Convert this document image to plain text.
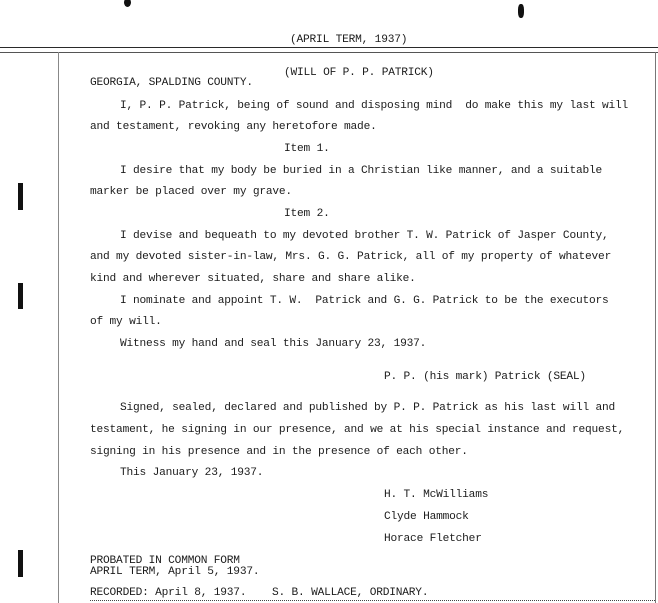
(APRIL TERM, 1937)
(WILL OF P. P. PATRICK)
GEORGIA, SPALDING COUNTY.
I, P. P. Patrick, being of sound and disposing mind  do make this my last will
and testament, revoking any heretofore made.
Item 1.
I desire that my body be buried in a Christian like manner, and a suitable
marker be placed over my grave.
Item 2.
I devise and bequeath to my devoted brother T. W. Patrick of Jasper County,
and my devoted sister-in-law, Mrs. G. G. Patrick, all of my property of whatever
kind and wherever situated, share and share alike.
I nominate and appoint T. W.  Patrick and G. G. Patrick to be the executors
of my will.
Witness my hand and seal this January 23, 1937.
P. P. (his mark) Patrick (SEAL)
Signed, sealed, declared and published by P. P. Patrick as his last will and
testament, he signing in our presence, and we at his special instance and request,
signing in his presence and in the presence of each other.
This January 23, 1937.
H. T. McWilliams
Clyde Hammock
Horace Fletcher
PROBATED IN COMMON FORM
APRIL TERM, April 5, 1937.
RECORDED: April 8, 1937. S. B. WALLACE, ORDINARY.
